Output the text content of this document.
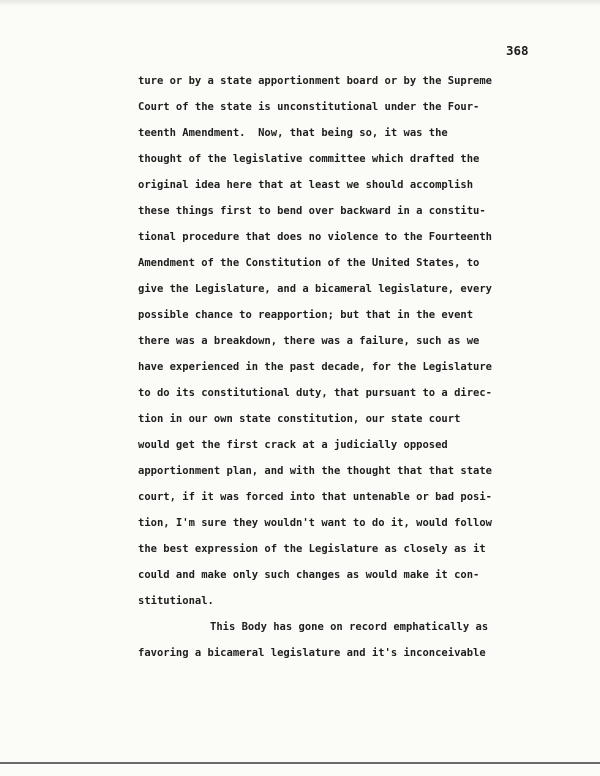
368
ture or by a state apportionment board or by the Supreme
Court of the state is unconstitutional under the Four-
teenth Amendment.  Now, that being so, it was the
thought of the legislative committee which drafted the
original idea here that at least we should accomplish
these things first to bend over backward in a constitu-
tional procedure that does no violence to the Fourteenth
Amendment of the Constitution of the United States, to
give the Legislature, and a bicameral legislature, every
possible chance to reapportion; but that in the event
there was a breakdown, there was a failure, such as we
have experienced in the past decade, for the Legislature
to do its constitutional duty, that pursuant to a direc-
tion in our own state constitution, our state court
would get the first crack at a judicially opposed
apportionment plan, and with the thought that that state
court, if it was forced into that untenable or bad posi-
tion, I'm sure they wouldn't want to do it, would follow
the best expression of the Legislature as closely as it
could and make only such changes as would make it con-
stitutional.
This Body has gone on record emphatically as
favoring a bicameral legislature and it's inconceivable
